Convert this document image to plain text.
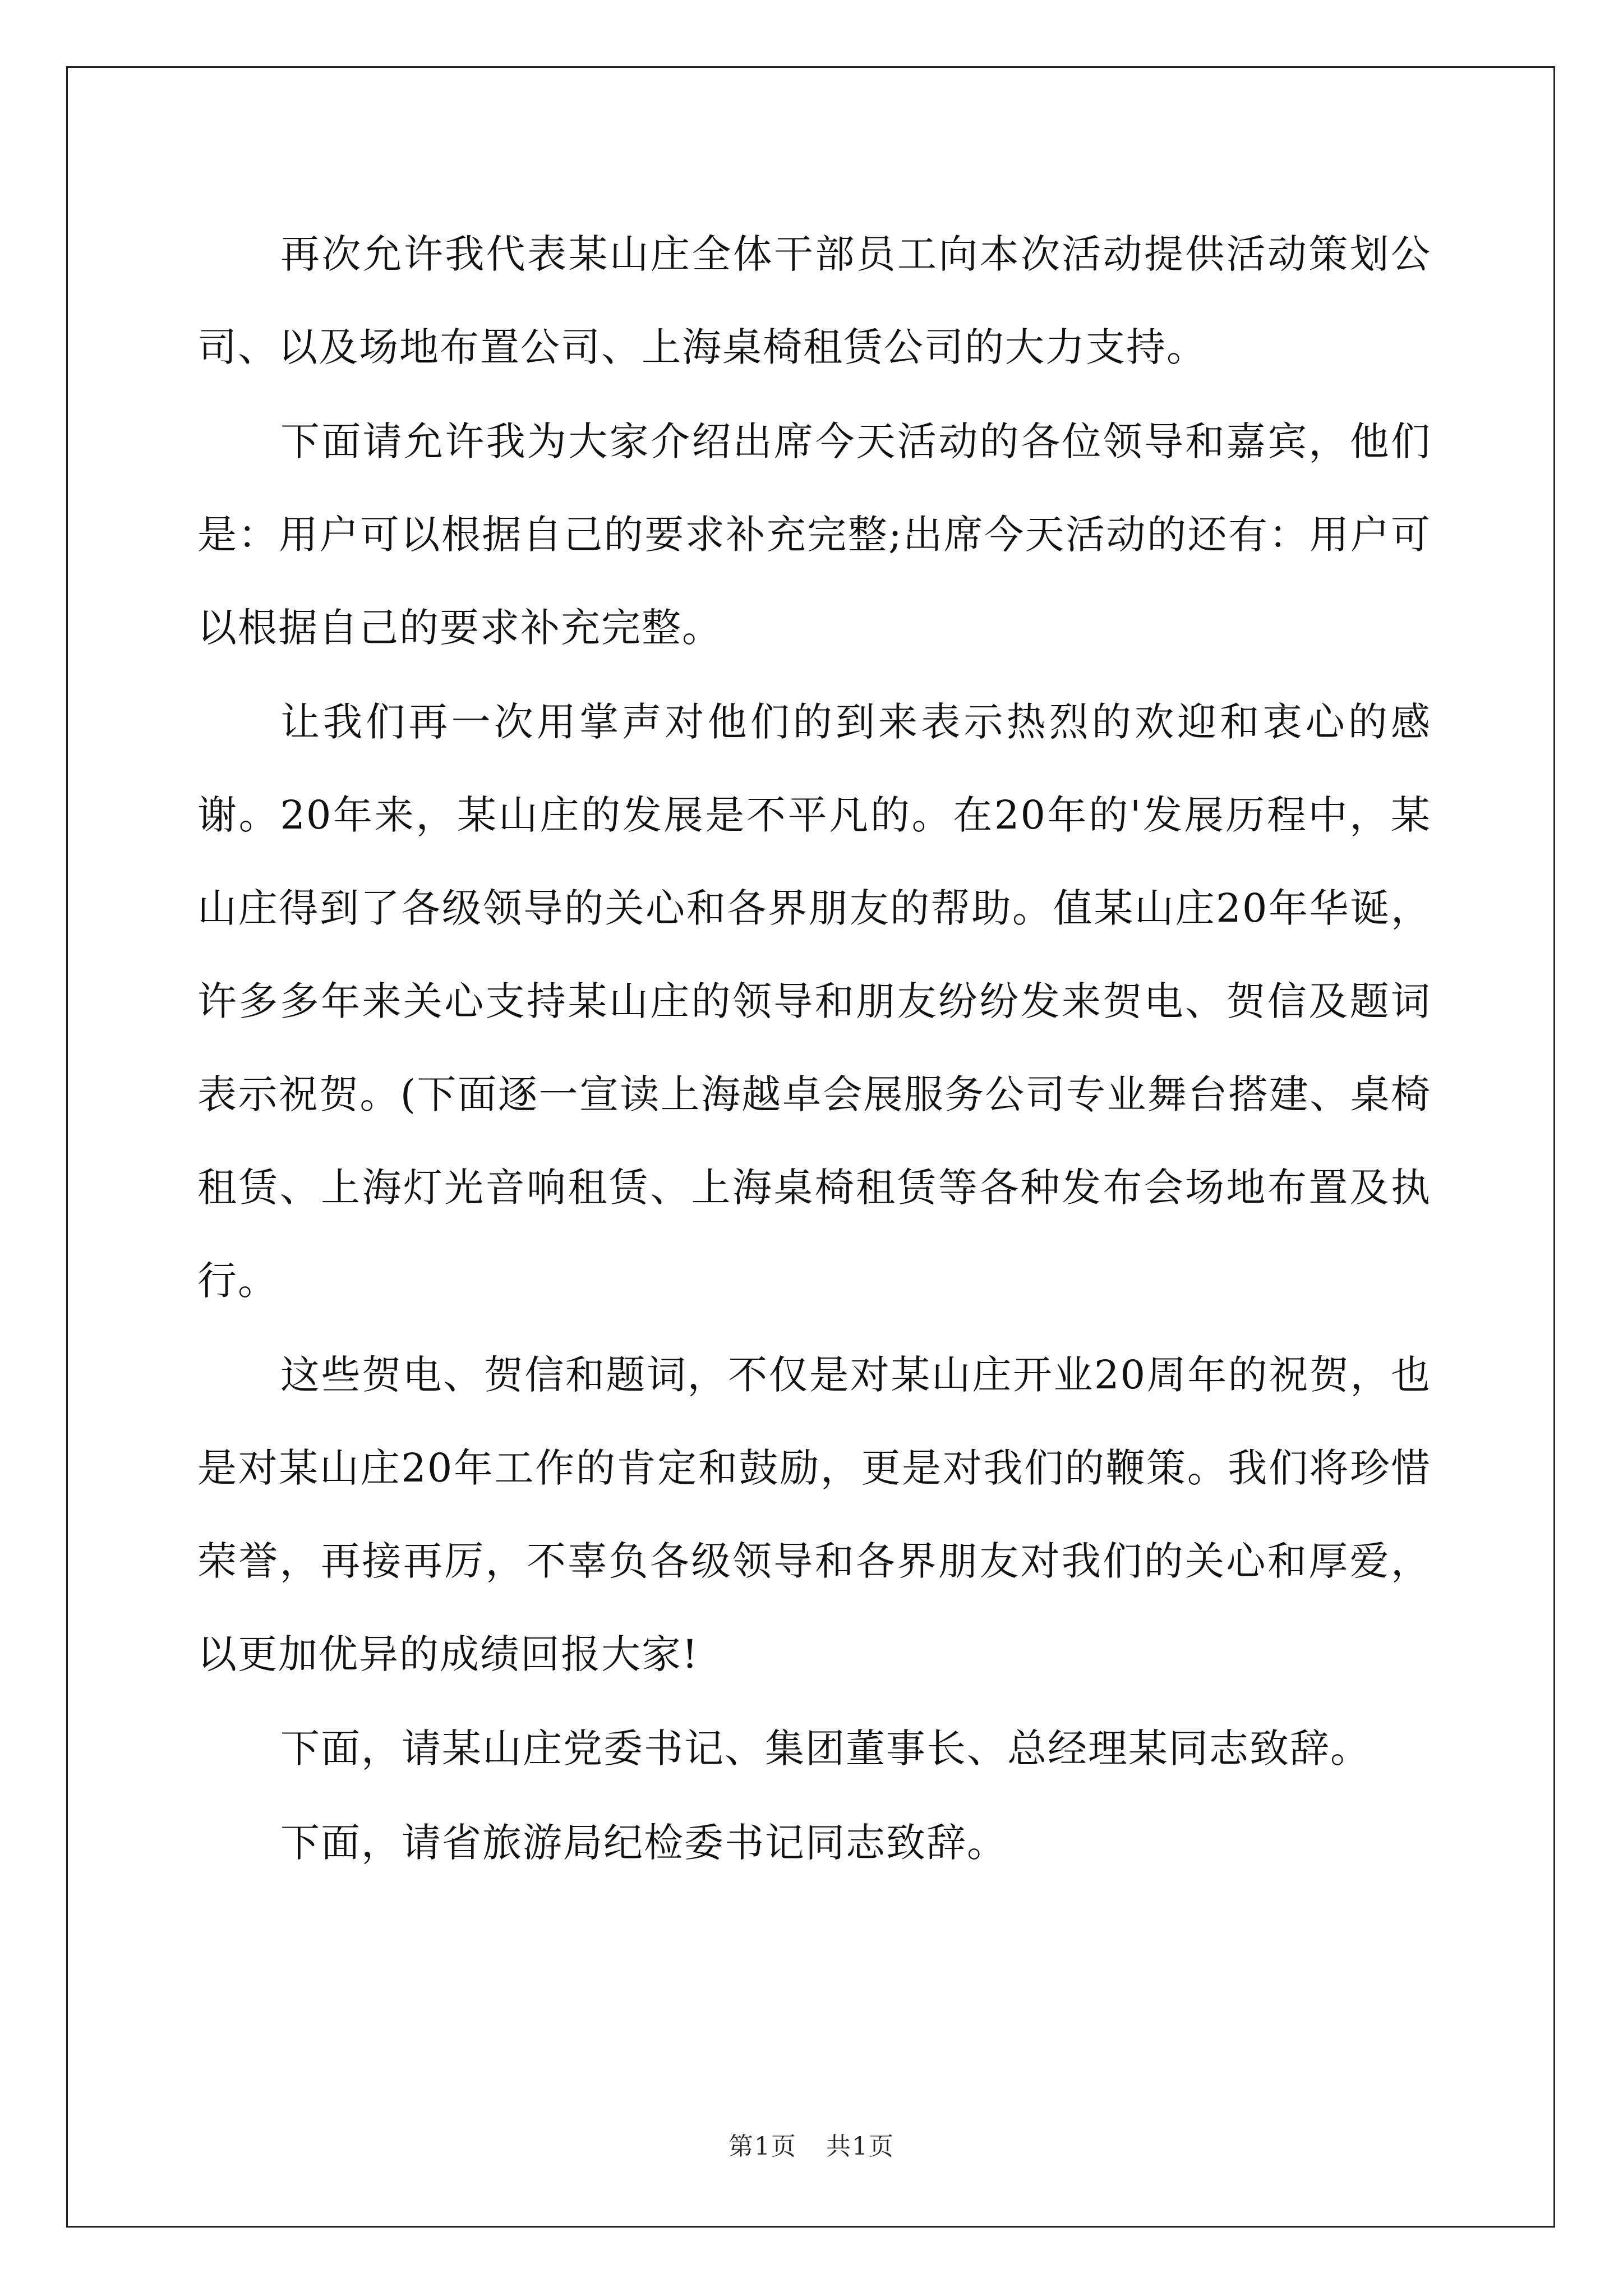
再次允许我代表某山庄全体干部员工向本次活动提供活动策划公司、以及场地布置公司、上海桌椅租赁公司的大力支持。

下面请允许我为大家介绍出席今天活动的各位领导和嘉宾，他们是：用户可以根据自己的要求补充完整;出席今天活动的还有：用户可以根据自己的要求补充完整。

让我们再一次用掌声对他们的到来表示热烈的欢迎和衷心的感谢。20年来，某山庄的发展是不平凡的。在20年的'发展历程中，某山庄得到了各级领导的关心和各界朋友的帮助。值某山庄20年华诞，许多多年来关心支持某山庄的领导和朋友纷纷发来贺电、贺信及题词表示祝贺。(下面逐一宣读上海越卓会展服务公司专业舞台搭建、桌椅租赁、上海灯光音响租赁、上海桌椅租赁等各种发布会场地布置及执行。

这些贺电、贺信和题词，不仅是对某山庄开业20周年的祝贺，也是对某山庄20年工作的肯定和鼓励，更是对我们的鞭策。我们将珍惜荣誉，再接再厉，不辜负各级领导和各界朋友对我们的关心和厚爱，以更加优异的成绩回报大家!

下面，请某山庄党委书记、集团董事长、总经理某同志致辞。

下面，请省旅游局纪检委书记同志致辞。

第1页 共1页
